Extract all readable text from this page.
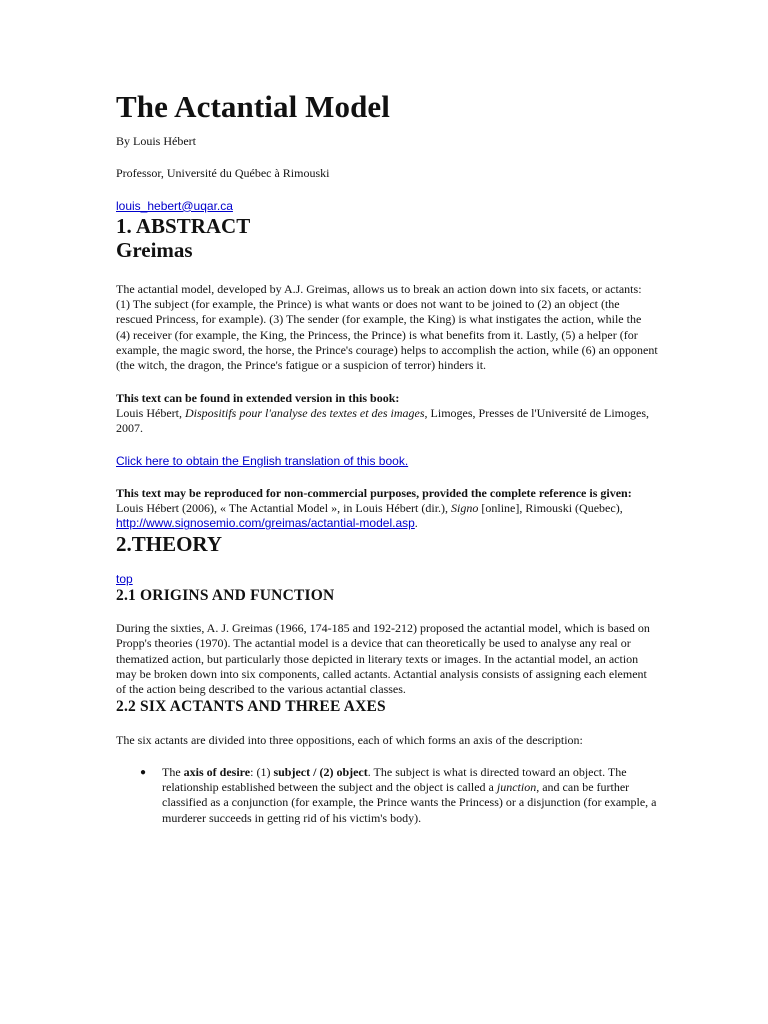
The Actantial Model

By Louis Hébert

Professor, Université du Québec à Rimouski

louis_hebert@uqar.ca

1. ABSTRACT
Greimas

The actantial model, developed by A.J. Greimas, allows us to break an action down into six facets, or actants: (1) The subject (for example, the Prince) is what wants or does not want to be joined to (2) an object (the rescued Princess, for example). (3) The sender (for example, the King) is what instigates the action, while the (4) receiver (for example, the King, the Princess, the Prince) is what benefits from it. Lastly, (5) a helper (for example, the magic sword, the horse, the Prince's courage) helps to accomplish the action, while (6) an opponent (the witch, the dragon, the Prince's fatigue or a suspicion of terror) hinders it.

This text can be found in extended version in this book:
Louis Hébert, Dispositifs pour l'analyse des textes et des images, Limoges, Presses de l'Université de Limoges, 2007.

Click here to obtain the English translation of this book.

This text may be reproduced for non-commercial purposes, provided the complete reference is given:
Louis Hébert (2006), « The Actantial Model », in Louis Hébert (dir.), Signo [online], Rimouski (Quebec), http://www.signosemio.com/greimas/actantial-model.asp.

2.THEORY

top

2.1 ORIGINS AND FUNCTION

During the sixties, A. J. Greimas (1966, 174-185 and 192-212) proposed the actantial model, which is based on Propp's theories (1970). The actantial model is a device that can theoretically be used to analyse any real or thematized action, but particularly those depicted in literary texts or images. In the actantial model, an action may be broken down into six components, called actants. Actantial analysis consists of assigning each element of the action being described to the various actantial classes.

2.2 SIX ACTANTS AND THREE AXES

The six actants are divided into three oppositions, each of which forms an axis of the description:

● The axis of desire: (1) subject / (2) object. The subject is what is directed toward an object. The relationship established between the subject and the object is called a junction, and can be further classified as a conjunction (for example, the Prince wants the Princess) or a disjunction (for example, a murderer succeeds in getting rid of his victim's body).
